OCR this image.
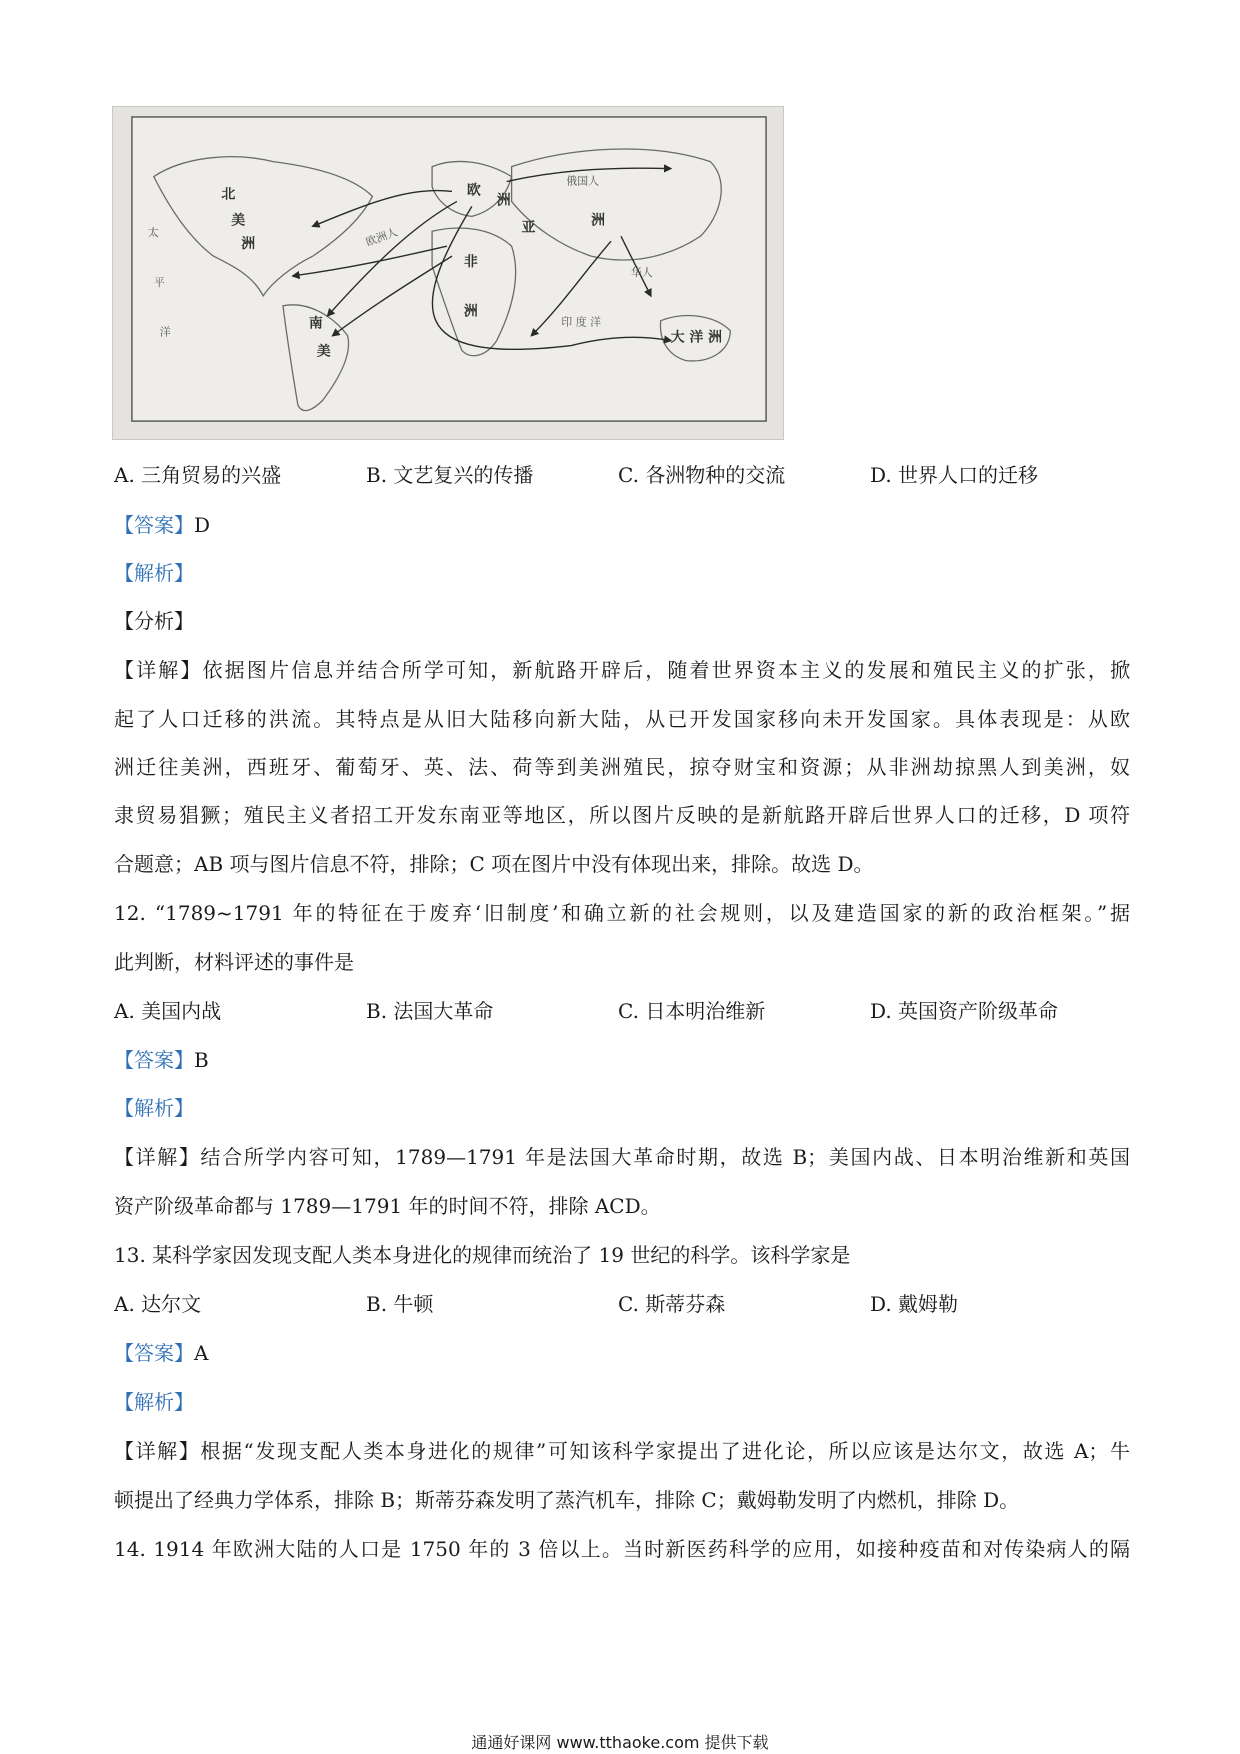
北
美
洲
南
美
欧
洲
非
洲
亚	洲
大 洋 洲
太
平
洋
印 度 洋
欧洲人
俄国人
华人
A. 三角贸易的兴盛	B. 文艺复兴的传播	C. 各洲物种的交流	D. 世界人口的迁移
【答案】D
【解析】
【分析】
【详解】依据图片信息并结合所学可知，新航路开辟后，随着世界资本主义的发展和殖民主义的扩张，掀
起了人口迁移的洪流。其特点是从旧大陆移向新大陆，从已开发国家移向未开发国家。具体表现是：从欧
洲迁往美洲，西班牙、葡萄牙、英、法、荷等到美洲殖民，掠夺财宝和资源；从非洲劫掠黑人到美洲，奴
隶贸易猖獗；殖民主义者招工开发东南亚等地区，所以图片反映的是新航路开辟后世界人口的迁移，D 项符
合题意；AB 项与图片信息不符，排除；C 项在图片中没有体现出来，排除。故选 D。
12. “1789~1791 年的特征在于废弃‘旧制度’和确立新的社会规则，以及建造国家的新的政治框架。”据
此判断，材料评述的事件是
A. 美国内战	B. 法国大革命	C. 日本明治维新	D. 英国资产阶级革命
【答案】B
【解析】
【详解】结合所学内容可知，1789—1791 年是法国大革命时期，故选 B；美国内战、日本明治维新和英国
资产阶级革命都与 1789—1791 年的时间不符，排除 ACD。
13. 某科学家因发现支配人类本身进化的规律而统治了 19 世纪的科学。该科学家是
A. 达尔文	B. 牛顿	C. 斯蒂芬森	D. 戴姆勒
【答案】A
【解析】
【详解】根据“发现支配人类本身进化的规律”可知该科学家提出了进化论，所以应该是达尔文，故选 A；牛
顿提出了经典力学体系，排除 B；斯蒂芬森发明了蒸汽机车，排除 C；戴姆勒发明了内燃机，排除 D。
14. 1914 年欧洲大陆的人口是 1750 年的 3 倍以上。当时新医药科学的应用，如接种疫苗和对传染病人的隔
通通好课网 www.tthaoke.com 提供下载
